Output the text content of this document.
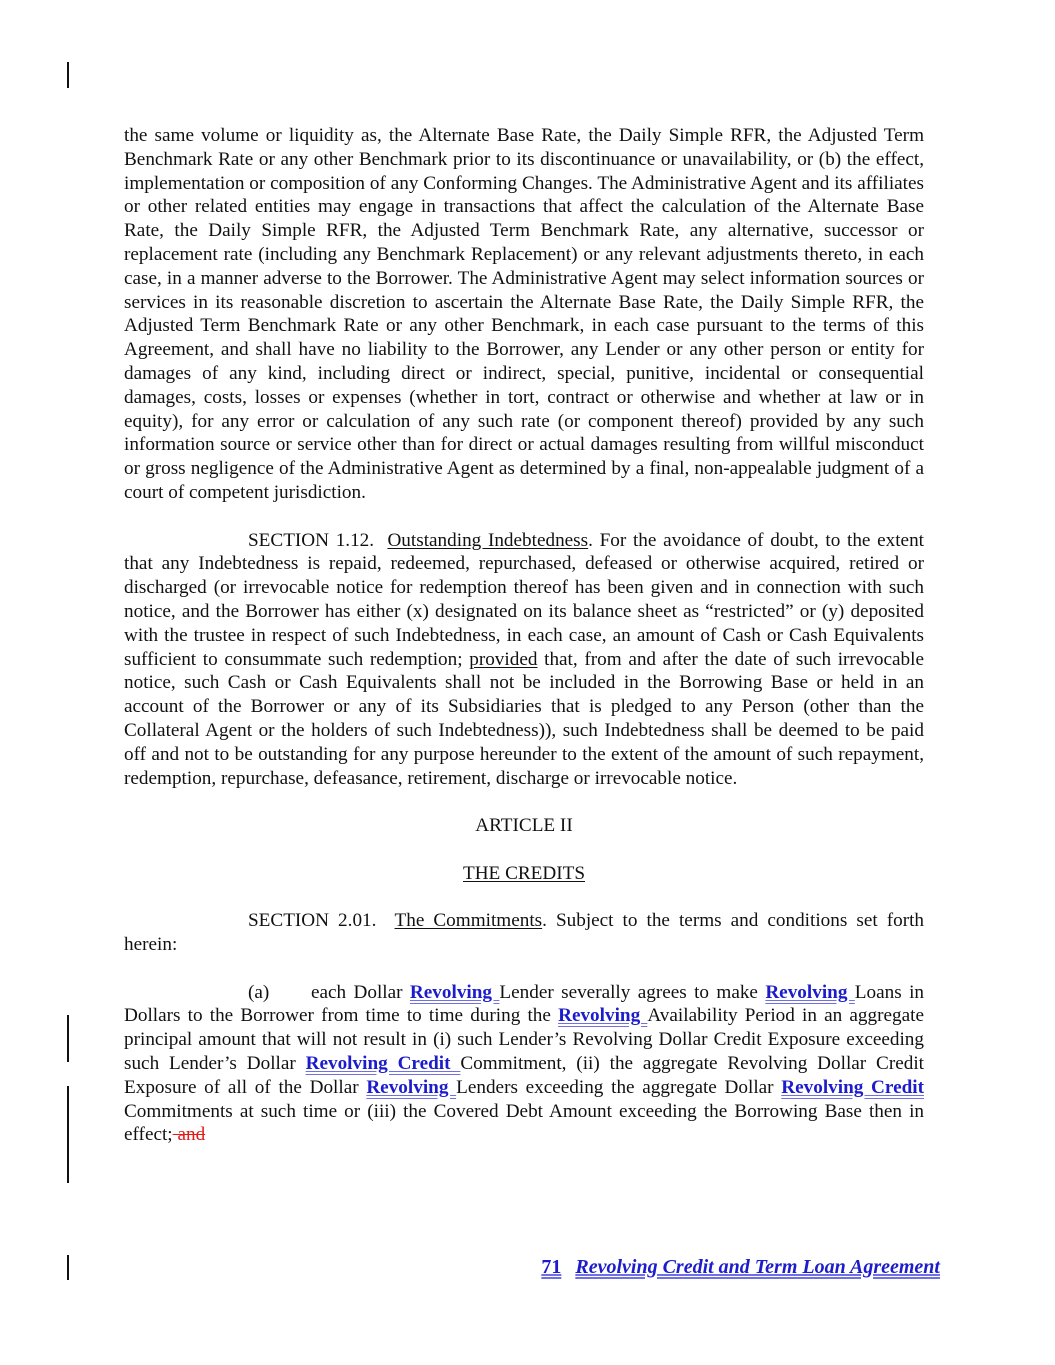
the same volume or liquidity as, the Alternate Base Rate, the Daily Simple RFR, the Adjusted Term Benchmark Rate or any other Benchmark prior to its discontinuance or unavailability, or (b) the effect, implementation or composition of any Conforming Changes. The Administrative Agent and its affiliates or other related entities may engage in transactions that affect the calculation of the Alternate Base Rate, the Daily Simple RFR, the Adjusted Term Benchmark Rate, any alternative, successor or replacement rate (including any Benchmark Replacement) or any relevant adjustments thereto, in each case, in a manner adverse to the Borrower. The Administrative Agent may select information sources or services in its reasonable discretion to ascertain the Alternate Base Rate, the Daily Simple RFR, the Adjusted Term Benchmark Rate or any other Benchmark, in each case pursuant to the terms of this Agreement, and shall have no liability to the Borrower, any Lender or any other person or entity for damages of any kind, including direct or indirect, special, punitive, incidental or consequential damages, costs, losses or expenses (whether in tort, contract or otherwise and whether at law or in equity), for any error or calculation of any such rate (or component thereof) provided by any such information source or service other than for direct or actual damages resulting from willful misconduct or gross negligence of the Administrative Agent as determined by a final, non-appealable judgment of a court of competent jurisdiction.

SECTION 1.12. Outstanding Indebtedness. For the avoidance of doubt, to the extent that any Indebtedness is repaid, redeemed, repurchased, defeased or otherwise acquired, retired or discharged (or irrevocable notice for redemption thereof has been given and in connection with such notice, and the Borrower has either (x) designated on its balance sheet as “restricted” or (y) deposited with the trustee in respect of such Indebtedness, in each case, an amount of Cash or Cash Equivalents sufficient to consummate such redemption; provided that, from and after the date of such irrevocable notice, such Cash or Cash Equivalents shall not be included in the Borrowing Base or held in an account of the Borrower or any of its Subsidiaries that is pledged to any Person (other than the Collateral Agent or the holders of such Indebtedness)), such Indebtedness shall be deemed to be paid off and not to be outstanding for any purpose hereunder to the extent of the amount of such repayment, redemption, repurchase, defeasance, retirement, discharge or irrevocable notice.

ARTICLE II

THE CREDITS

SECTION 2.01. The Commitments. Subject to the terms and conditions set forth herein:

(a) each Dollar Revolving Lender severally agrees to make Revolving Loans in Dollars to the Borrower from time to time during the Revolving Availability Period in an aggregate principal amount that will not result in (i) such Lender’s Revolving Dollar Credit Exposure exceeding such Lender’s Dollar Revolving Credit Commitment, (ii) the aggregate Revolving Dollar Credit Exposure of all of the Dollar Revolving Lenders exceeding the aggregate Dollar Revolving Credit Commitments at such time or (iii) the Covered Debt Amount exceeding the Borrowing Base then in effect; and

71 Revolving Credit and Term Loan Agreement
